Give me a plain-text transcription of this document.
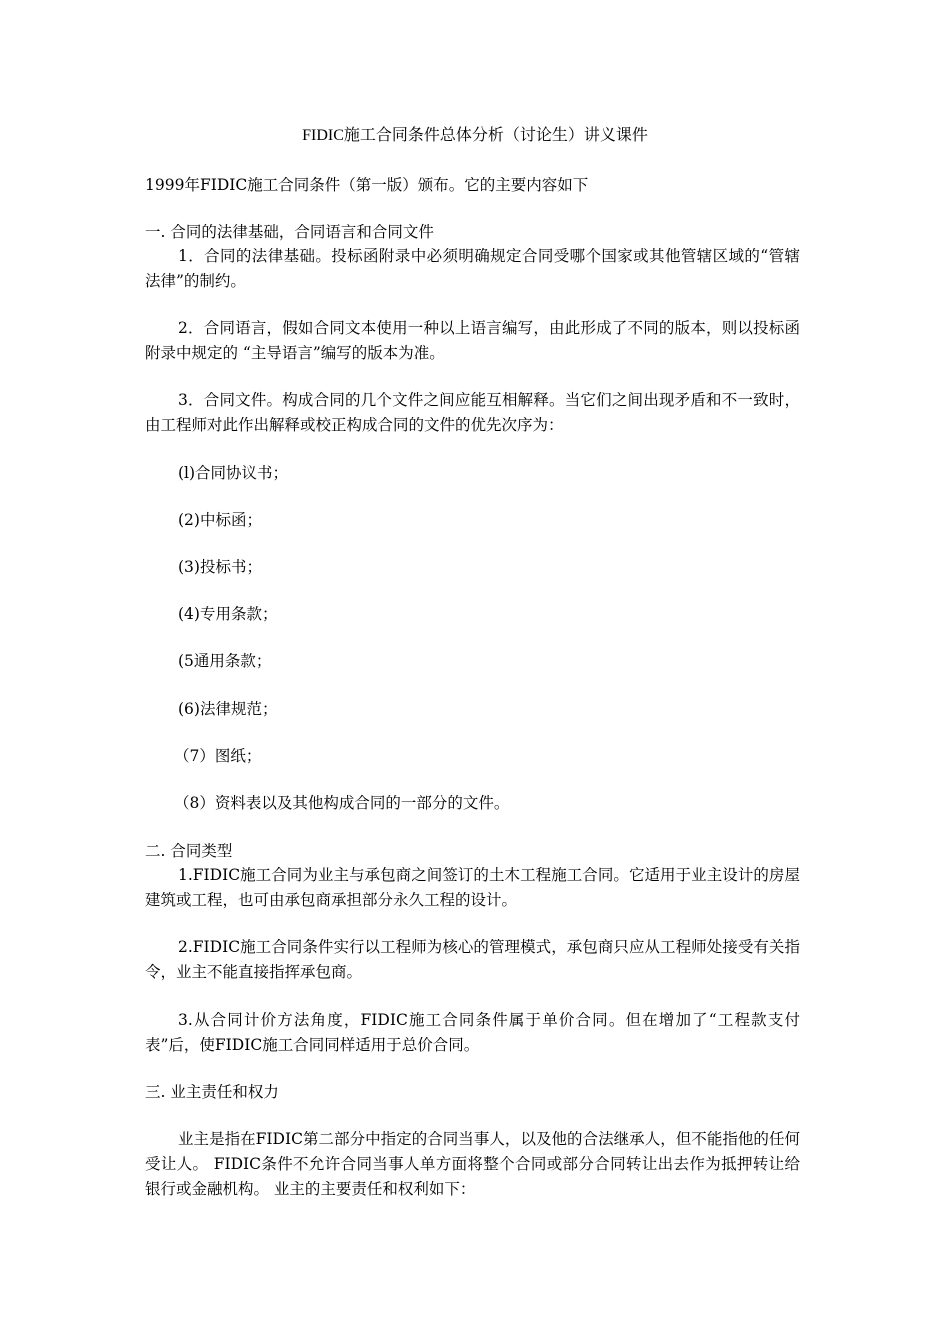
FIDIC施工合同条件总体分析（讨论生）讲义课件
1999年FIDIC施工合同条件（第一版）颁布。它的主要内容如下
一. 合同的法律基础，合同语言和合同文件
1．合同的法律基础。投标函附录中必须明确规定合同受哪个国家或其他管辖区域的“管辖法律”的制约。
2．合同语言，假如合同文本使用一种以上语言编写，由此形成了不同的版本，则以投标函附录中规定的 “主导语言”编写的版本为准。
3．合同文件。构成合同的几个文件之间应能互相解释。当它们之间出现矛盾和不一致时，由工程师对此作出解释或校正构成合同的文件的优先次序为：
(l)合同协议书；
(2)中标函；
(3)投标书；
(4)专用条款；
(5通用条款；
(6)法律规范；
（7）图纸；
（8）资料表以及其他构成合同的一部分的文件。
二. 合同类型
1.FIDIC施工合同为业主与承包商之间签订的土木工程施工合同。它适用于业主设计的房屋建筑或工程，也可由承包商承担部分永久工程的设计。
2.FIDIC施工合同条件实行以工程师为核心的管理模式，承包商只应从工程师处接受有关指令，业主不能直接指挥承包商。
3.从合同计价方法角度，FIDIC施工合同条件属于单价合同。但在增加了“工程款支付表”后，使FIDIC施工合同同样适用于总价合同。
三. 业主责任和权力
业主是指在FIDIC第二部分中指定的合同当事人，以及他的合法继承人，但不能指他的任何受让人。 FIDIC条件不允许合同当事人单方面将整个合同或部分合同转让出去作为抵押转让给银行或金融机构。 业主的主要责任和权利如下：
